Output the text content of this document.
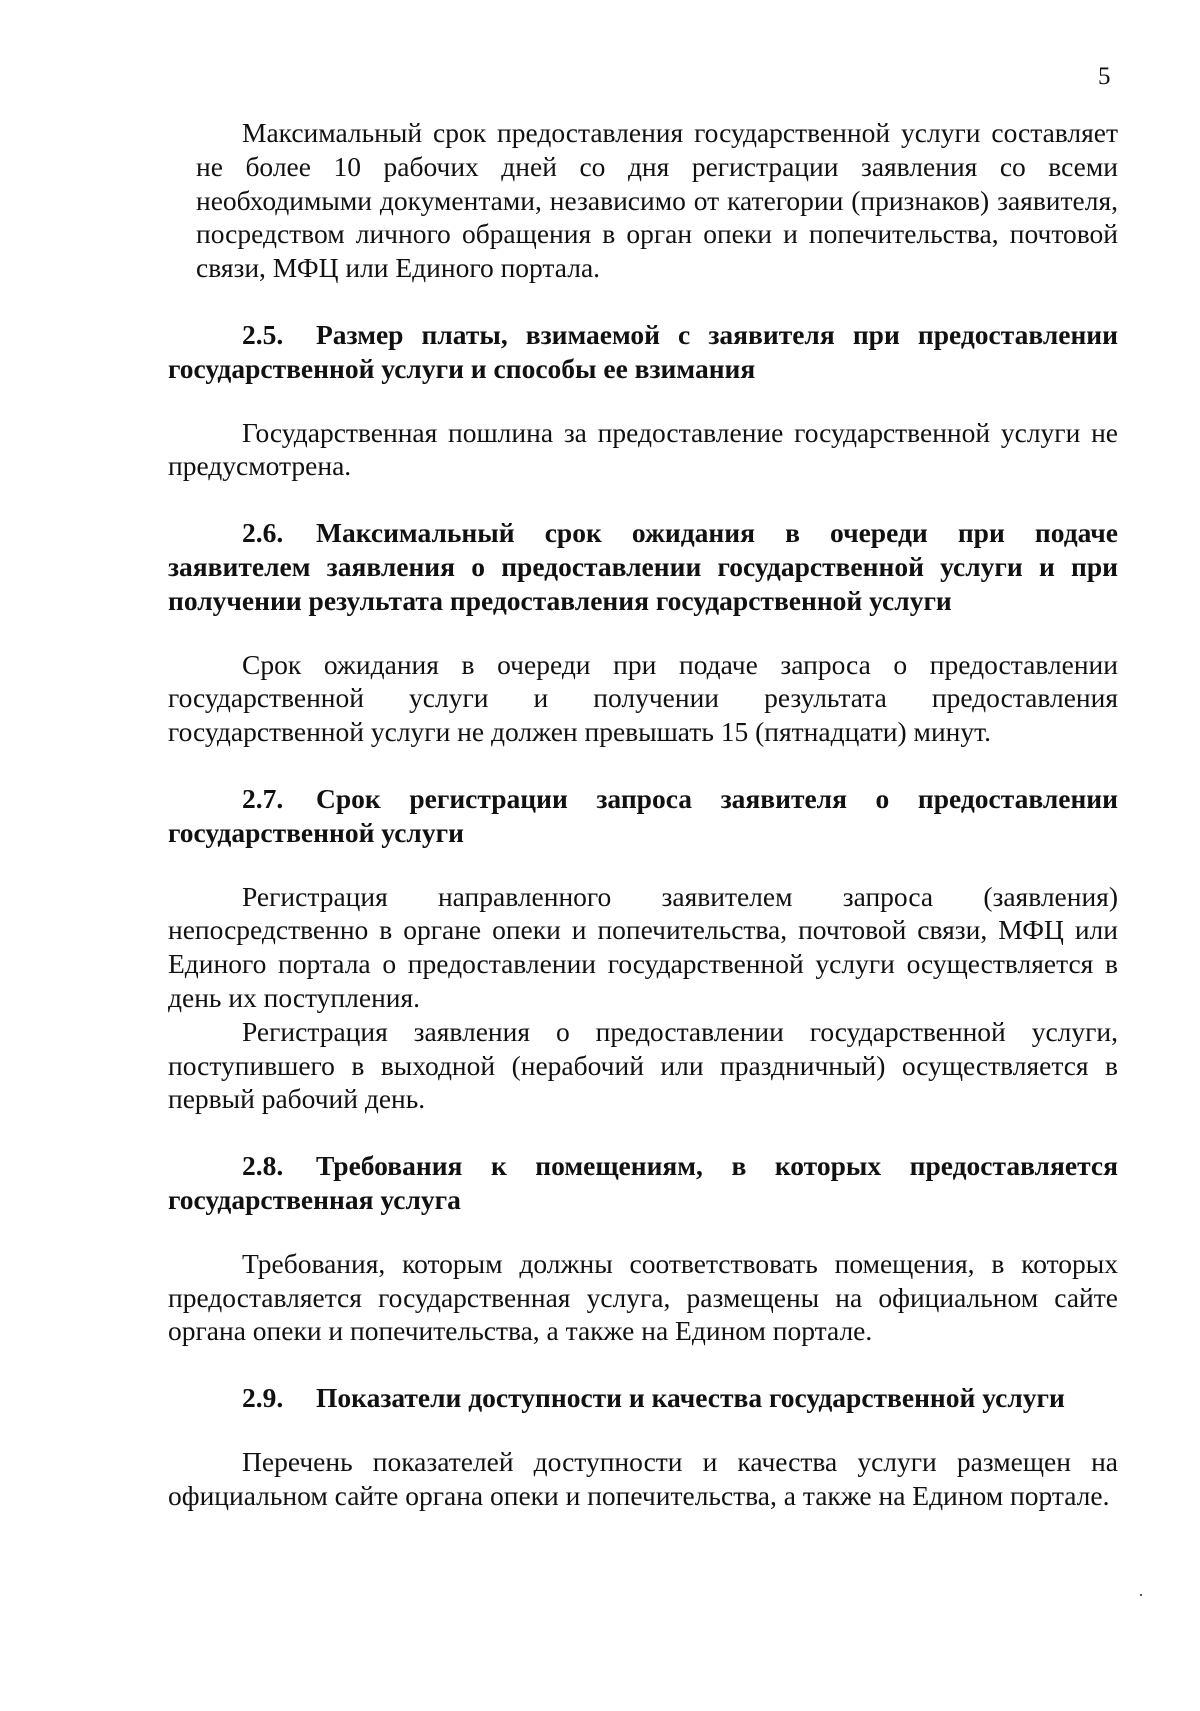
5

Максимальный срок предоставления государственной услуги составляет не более 10 рабочих дней со дня регистрации заявления со всеми необходимыми документами, независимо от категории (признаков) заявителя, посредством личного обращения в орган опеки и попечительства, почтовой связи, МФЦ или Единого портала.

2.5. Размер платы, взимаемой с заявителя при предоставлении государственной услуги и способы ее взимания

Государственная пошлина за предоставление государственной услуги не предусмотрена.

2.6. Максимальный срок ожидания в очереди при подаче заявителем заявления о предоставлении государственной услуги и при получении результата предоставления государственной услуги

Срок ожидания в очереди при подаче запроса о предоставлении государственной услуги и получении результата предоставления государственной услуги не должен превышать 15 (пятнадцати) минут.

2.7. Срок регистрации запроса заявителя о предоставлении государственной услуги

Регистрация направленного заявителем запроса (заявления) непосредственно в органе опеки и попечительства, почтовой связи, МФЦ или Единого портала о предоставлении государственной услуги осуществляется в день их поступления.

Регистрация заявления о предоставлении государственной услуги, поступившего в выходной (нерабочий или праздничный) осуществляется в первый рабочий день.

2.8. Требования к помещениям, в которых предоставляется государственная услуга

Требования, которым должны соответствовать помещения, в которых предоставляется государственная услуга, размещены на официальном сайте органа опеки и попечительства, а также на Едином портале.

2.9. Показатели доступности и качества государственной услуги

Перечень показателей доступности и качества услуги размещен на официальном сайте органа опеки и попечительства, а также на Едином портале.
